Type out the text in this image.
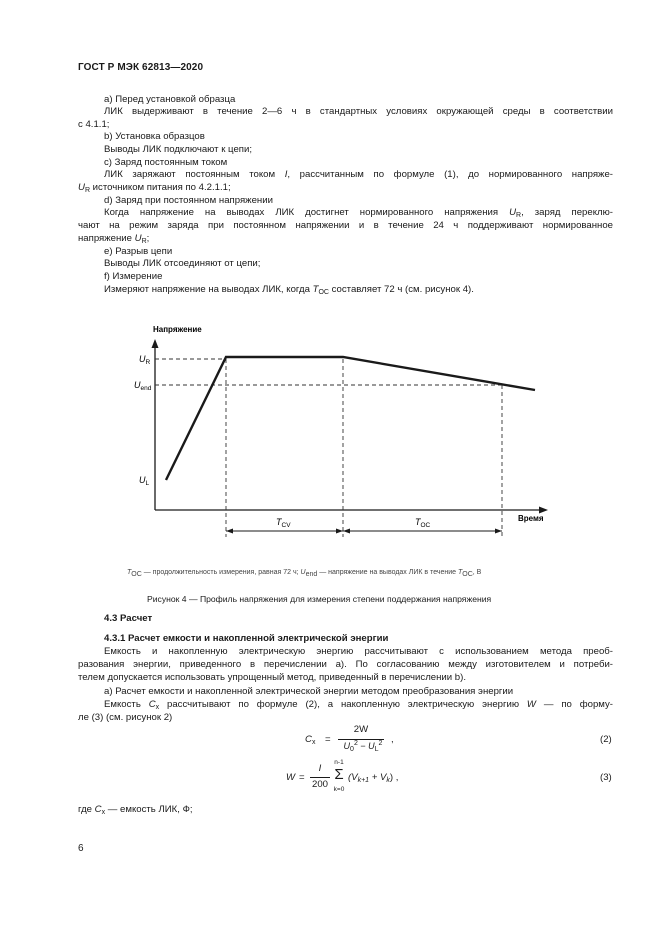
ГОСТ Р МЭК 62813—2020
a) Перед установкой образца
ЛИК выдерживают в течение 2—6 ч в стандартных условиях окружающей среды в соответствии
с 4.1.1;
b) Установка образцов
Выводы ЛИК подключают к цепи;
c) Заряд постоянным током
ЛИК заряжают постоянным током I, рассчитанным по формуле (1), до нормированного напряже-
$U_R$ источником питания по 4.2.1.1;
d) Заряд при постоянном напряжении
Когда напряжение на выводах ЛИК достигнет нормированного напряжения $U_R$, заряд переклю-
чают на режим заряда при постоянном напряжении и в течение 24 ч поддерживают нормированное
напряжение $U_R$;
e) Разрыв цепи
Выводы ЛИК отсоединяют от цепи;
f) Измерение
Измеряют напряжение на выводах ЛИК, когда $T_{OC}$ составляет 72 ч (см. рисунок 4).
Напряжение
Время
$U_R$
$U_{end}$
$U_L$
$T_{CV}$	$T_{OC}$
$T_{OC}$ — продолжительность измерения, равная 72 ч; $U_{end}$ — напряжение на выводах ЛИК в течение $T_{OC}$, В
Рисунок 4 — Профиль напряжения для измерения степени поддержания напряжения
4.3 Расчет
4.3.1 Расчет емкости и накопленной электрической энергии
Емкость и накопленную электрическую энергию рассчитывают с использованием метода преоб-
разования энергии, приведенного в перечислении a). По согласованию между изготовителем и потреби-
телем допускается использовать упрощенный метод, приведенный в перечислении b).
a) Расчет емкости и накопленной электрической энергии методом преобразования энергии
Емкость $C_x$ рассчитывают по формуле (2), а накопленную электрическую энергию W — по форму-
ле (3) (см. рисунок 2)
$C_x$ =
2W
$U_0^2 - U_L^2$ ,	(2)
W =
I
200
n-1
Σ
k=0
$(V_{k+1} + V_k)$ ,	(3)
где $C_x$ — емкость ЛИК, Ф;
6
